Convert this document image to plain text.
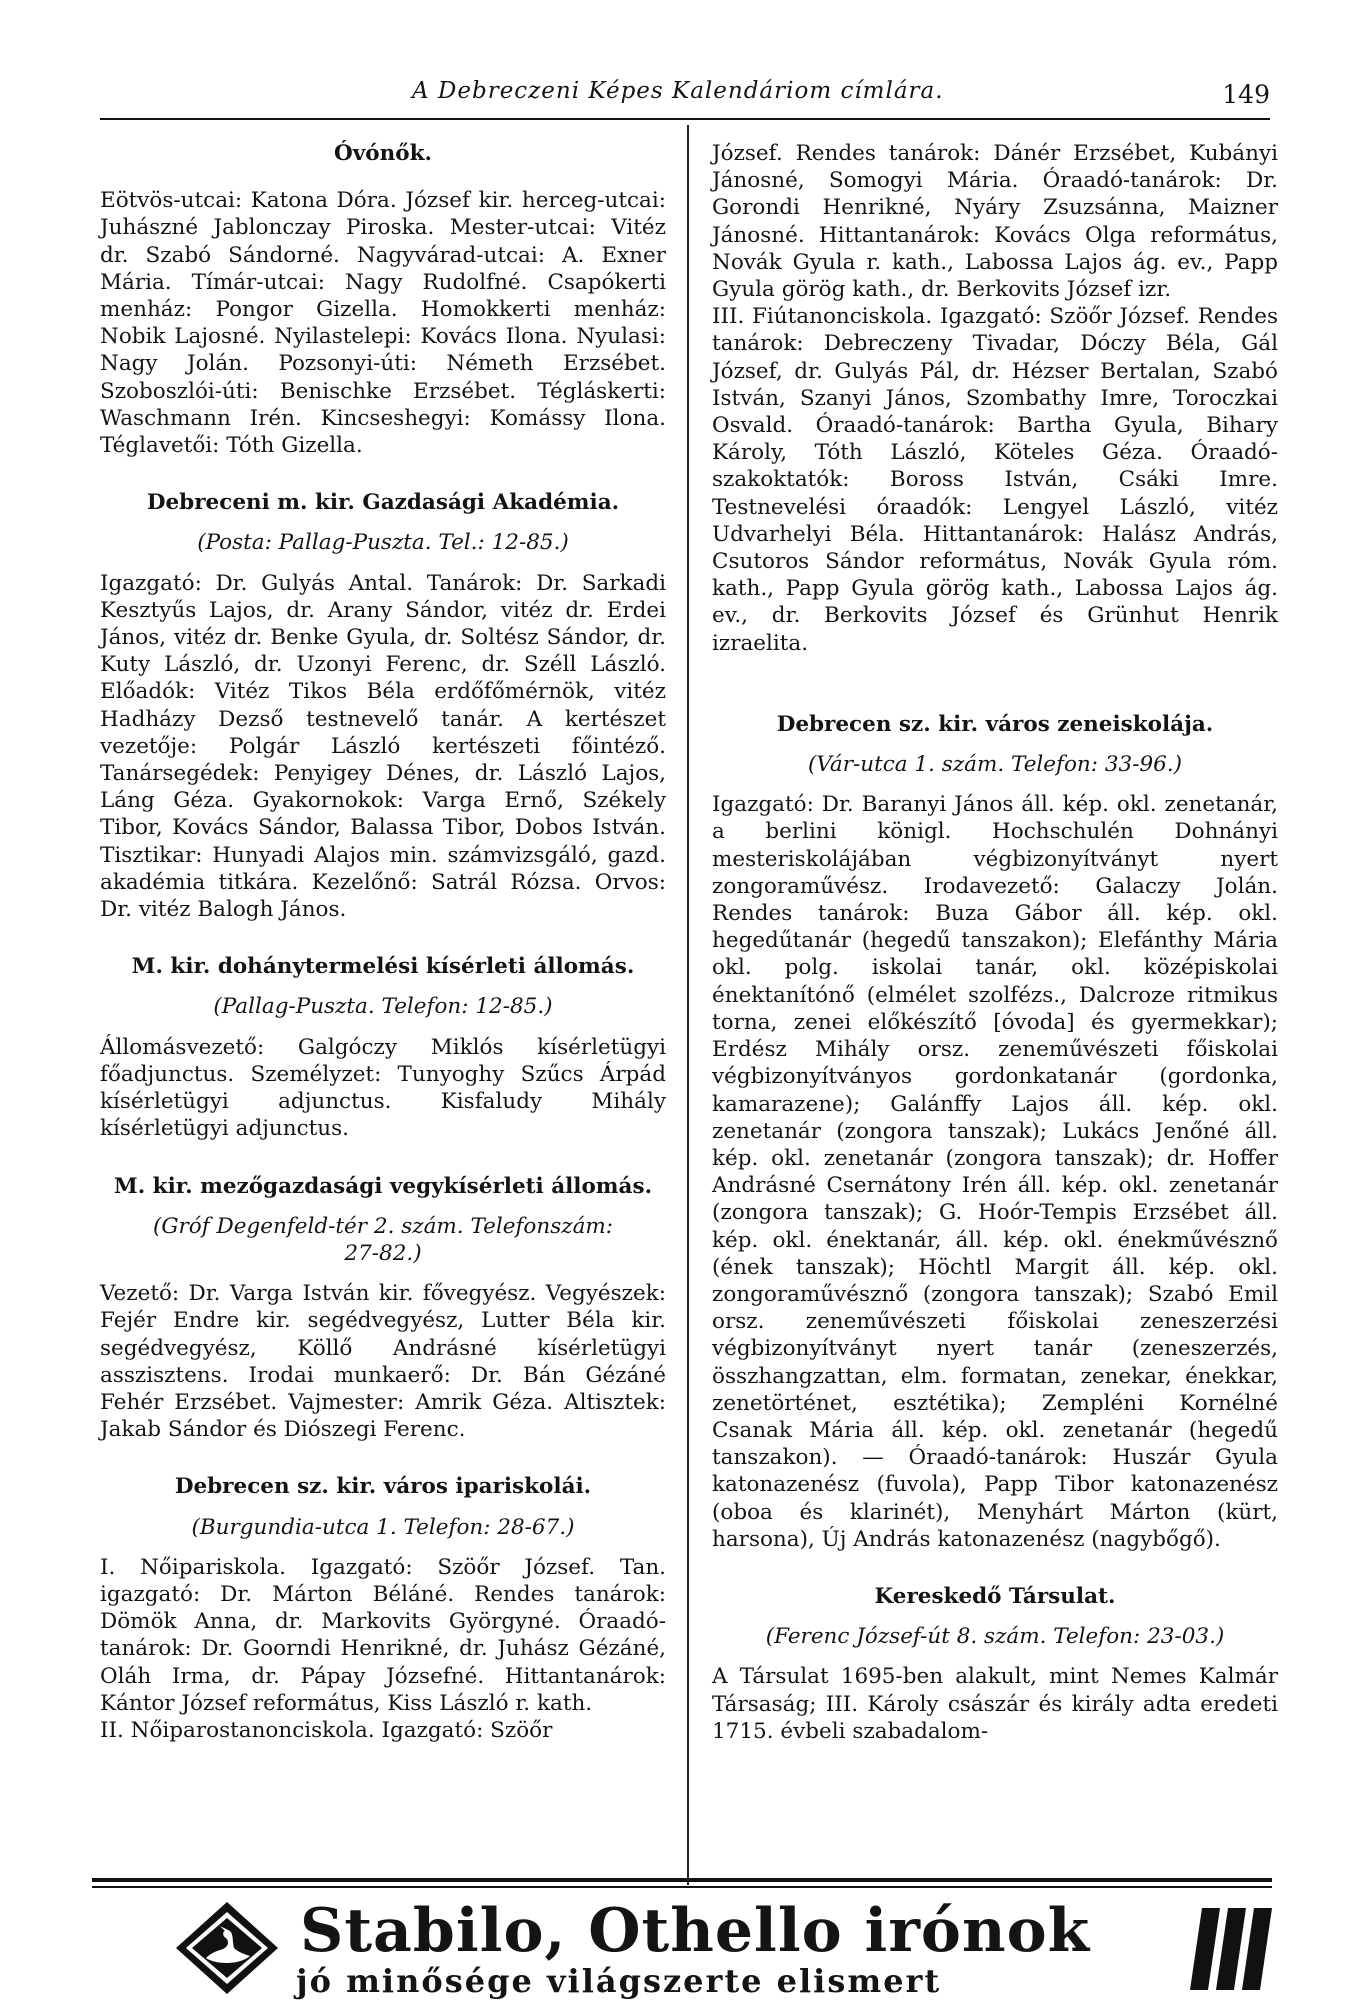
A Debreczeni Képes Kalendáriom címlára.	149
Óvónők.

Eötvös-utcai: Katona Dóra. József kir. herceg-utcai: Juhászné Jablonczay Piroska. Mester-utcai: Vitéz dr. Szabó Sándorné. Nagyvárad-utcai: A. Exner Mária. Tímár-utcai: Nagy Rudolfné. Csapókerti menház: Pongor Gizella. Homokkerti menház: Nobik Lajosné. Nyilastelepi: Kovács Ilona. Nyulasi: Nagy Jolán. Pozsonyi-úti: Németh Erzsébet. Szoboszlói-úti: Benischke Erzsébet. Tégláskerti: Waschmann Irén. Kincseshegyi: Komássy Ilona. Téglavetői: Tóth Gizella.

Debreceni m. kir. Gazdasági Akadémia.

(Posta: Pallag-Puszta. Tel.: 12-85.)

Igazgató: Dr. Gulyás Antal. Tanárok: Dr. Sarkadi Kesztyűs Lajos, dr. Arany Sándor, vitéz dr. Erdei János, vitéz dr. Benke Gyula, dr. Soltész Sándor, dr. Kuty László, dr. Uzonyi Ferenc, dr. Széll László. Előadók: Vitéz Tikos Béla erdőfőmérnök, vitéz Hadházy Dezső testnevelő tanár. A kertészet vezetője: Polgár László kertészeti főintéző. Tanársegédek: Penyigey Dénes, dr. László Lajos, Láng Géza. Gyakornokok: Varga Ernő, Székely Tibor, Kovács Sándor, Balassa Tibor, Dobos István. Tisztikar: Hunyadi Alajos min. számvizsgáló, gazd. akadémia titkára. Kezelőnő: Satrál Rózsa. Orvos: Dr. vitéz Balogh János.

M. kir. dohánytermelési kísérleti állomás.

(Pallag-Puszta. Telefon: 12-85.)

Állomásvezető: Galgóczy Miklós kísérletügyi főadjunctus. Személyzet: Tunyoghy Szűcs Árpád kísérletügyi adjunctus. Kisfaludy Mihály kísérletügyi adjunctus.

M. kir. mezőgazdasági vegykísérleti állomás.

(Gróf Degenfeld-tér 2. szám. Telefonszám:

27-82.)

Vezető: Dr. Varga István kir. fővegyész. Vegyészek: Fejér Endre kir. segédvegyész, Lutter Béla kir. segédvegyész, Köllő Andrásné kísérletügyi asszisztens. Irodai munkaerő: Dr. Bán Gézáné Fehér Erzsébet. Vajmester: Amrik Géza. Altisztek: Jakab Sándor és Diószegi Ferenc.

Debrecen sz. kir. város ipariskolái.

(Burgundia-utca 1. Telefon: 28-67.)

I. Nőipariskola. Igazgató: Szöőr József. Tan. igazgató: Dr. Márton Béláné. Rendes tanárok: Dömök Anna, dr. Markovits Györgyné. Óraadó-tanárok: Dr. Goorndi Henrikné, dr. Juhász Gézáné, Oláh Irma, dr. Pápay Józsefné. Hittantanárok: Kántor József református, Kiss László r. kath.

II. Nőiparostanonciskola. Igazgató: Szöőr

József. Rendes tanárok: Dánér Erzsébet, Kubányi Jánosné, Somogyi Mária. Óraadó-tanárok: Dr. Gorondi Henrikné, Nyáry Zsuzsánna, Maizner Jánosné. Hittantanárok: Kovács Olga református, Novák Gyula r. kath., Labossa Lajos ág. ev., Papp Gyula görög kath., dr. Berkovits József izr.

III. Fiútanonciskola. Igazgató: Szöőr József. Rendes tanárok: Debreczeny Tivadar, Dóczy Béla, Gál József, dr. Gulyás Pál, dr. Hézser Bertalan, Szabó István, Szanyi János, Szombathy Imre, Toroczkai Osvald. Óraadó-tanárok: Bartha Gyula, Bihary Károly, Tóth László, Köteles Géza. Óraadó-szakoktatók: Boross István, Csáki Imre. Testnevelési óraadók: Lengyel László, vitéz Udvarhelyi Béla. Hittantanárok: Halász András, Csutoros Sándor református, Novák Gyula róm. kath., Papp Gyula görög kath., Labossa Lajos ág. ev., dr. Berkovits József és Grünhut Henrik izraelita.

Debrecen sz. kir. város zeneiskolája.

(Vár-utca 1. szám. Telefon: 33-96.)

Igazgató: Dr. Baranyi János áll. kép. okl. zenetanár, a berlini königl. Hochschulén Dohnányi mesteriskolájában végbizonyítványt nyert zongoraművész. Irodavezető: Galaczy Jolán. Rendes tanárok: Buza Gábor áll. kép. okl. hegedűtanár (hegedű tanszakon); Elefánthy Mária okl. polg. iskolai tanár, okl. középiskolai énektanítónő (elmélet szolfézs., Dalcroze ritmikus torna, zenei előkészítő [óvoda] és gyermekkar); Erdész Mihály orsz. zeneművészeti főiskolai végbizonyítványos gordonkatanár (gordonka, kamarazene); Galánffy Lajos áll. kép. okl. zenetanár (zongora tanszak); Lukács Jenőné áll. kép. okl. zenetanár (zongora tanszak); dr. Hoffer Andrásné Csernátony Irén áll. kép. okl. zenetanár (zongora tanszak); G. Hoór-Tempis Erzsébet áll. kép. okl. énektanár, áll. kép. okl. énekművésznő (ének tanszak); Höchtl Margit áll. kép. okl. zongoraművésznő (zongora tanszak); Szabó Emil orsz. zeneművészeti főiskolai zeneszerzési végbizonyítványt nyert tanár (zeneszerzés, összhangzattan, elm. formatan, zenekar, énekkar, zenetörténet, esztétika); Zempléni Kornélné Csanak Mária áll. kép. okl. zenetanár (hegedű tanszakon). — Óraadó-tanárok: Huszár Gyula katonazenész (fuvola), Papp Tibor katonazenész (oboa és klarinét), Menyhárt Márton (kürt, harsona), Új András katonazenész (nagybőgő).

Kereskedő Társulat.

(Ferenc József-út 8. szám. Telefon: 23-03.)

A Társulat 1695-ben alakult, mint Nemes Kalmár Társaság; III. Károly császár és király adta eredeti 1715. évbeli szabadalom-

Stabilo, Othello irónok
jó minősége világszerte elismert
